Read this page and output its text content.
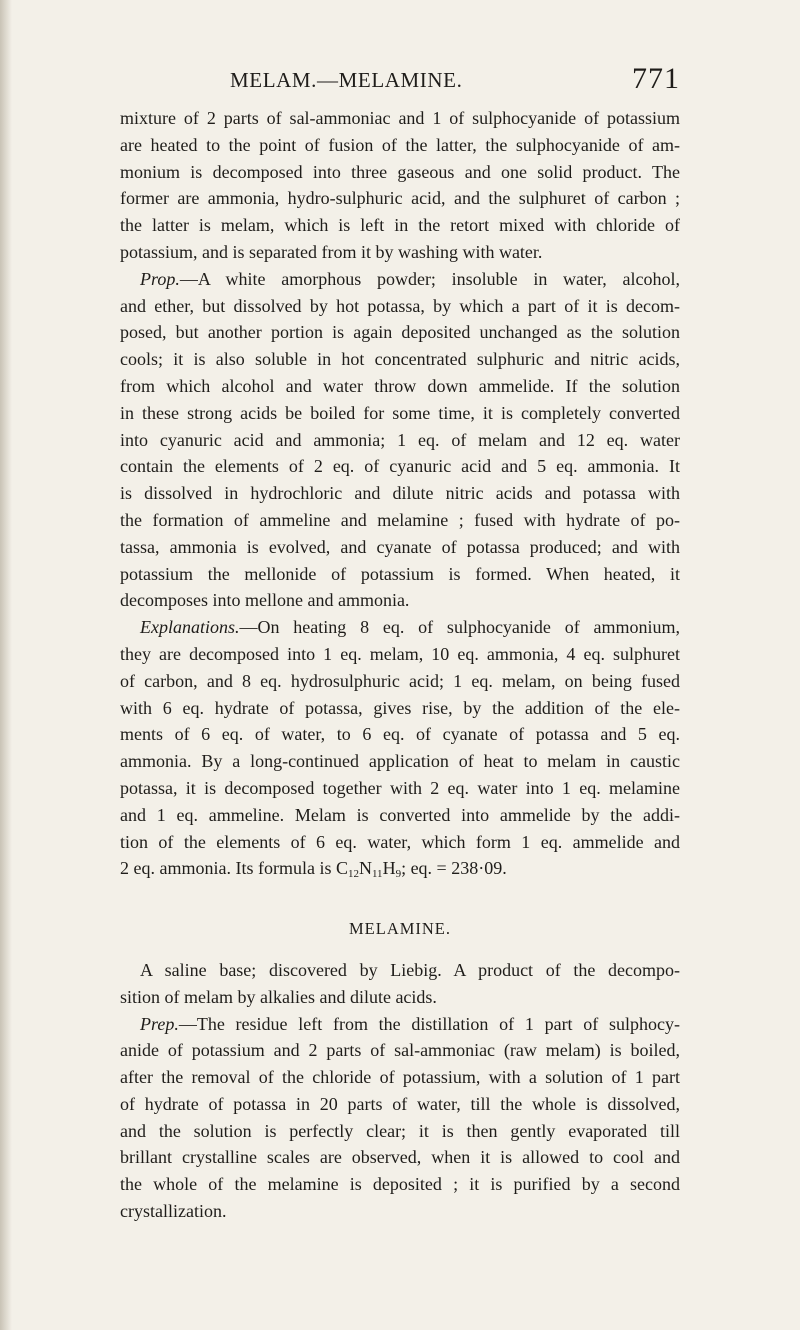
MELAM.—MELAMINE.	771
mixture of 2 parts of sal-ammoniac and 1 of sulphocyanide of potassium
are heated to the point of fusion of the latter, the sulphocyanide of am-
monium is decomposed into three gaseous and one solid product. The
former are ammonia, hydro-sulphuric acid, and the sulphuret of carbon ;
the latter is melam, which is left in the retort mixed with chloride of
potassium, and is separated from it by washing with water.
Prop.—A white amorphous powder; insoluble in water, alcohol,
and ether, but dissolved by hot potassa, by which a part of it is decom-
posed, but another portion is again deposited unchanged as the solution
cools; it is also soluble in hot concentrated sulphuric and nitric acids,
from which alcohol and water throw down ammelide. If the solution
in these strong acids be boiled for some time, it is completely converted
into cyanuric acid and ammonia; 1 eq. of melam and 12 eq. water
contain the elements of 2 eq. of cyanuric acid and 5 eq. ammonia. It
is dissolved in hydrochloric and dilute nitric acids and potassa with
the formation of ammeline and melamine ; fused with hydrate of po-
tassa, ammonia is evolved, and cyanate of potassa produced; and with
potassium the mellonide of potassium is formed. When heated, it
decomposes into mellone and ammonia.
Explanations.—On heating 8 eq. of sulphocyanide of ammonium,
they are decomposed into 1 eq. melam, 10 eq. ammonia, 4 eq. sulphuret
of carbon, and 8 eq. hydrosulphuric acid; 1 eq. melam, on being fused
with 6 eq. hydrate of potassa, gives rise, by the addition of the ele-
ments of 6 eq. of water, to 6 eq. of cyanate of potassa and 5 eq.
ammonia. By a long-continued application of heat to melam in caustic
potassa, it is decomposed together with 2 eq. water into 1 eq. melamine
and 1 eq. ammeline. Melam is converted into ammelide by the addi-
tion of the elements of 6 eq. water, which form 1 eq. ammelide and
2 eq. ammonia. Its formula is $C_{12}N_{11}H_9$; eq. = 238·09.
MELAMINE.
A saline base; discovered by Liebig. A product of the decompo-
sition of melam by alkalies and dilute acids.
Prep.—The residue left from the distillation of 1 part of sulphocy-
anide of potassium and 2 parts of sal-ammoniac (raw melam) is boiled,
after the removal of the chloride of potassium, with a solution of 1 part
of hydrate of potassa in 20 parts of water, till the whole is dissolved,
and the solution is perfectly clear; it is then gently evaporated till
brillant crystalline scales are observed, when it is allowed to cool and
the whole of the melamine is deposited ; it is purified by a second
crystallization.
